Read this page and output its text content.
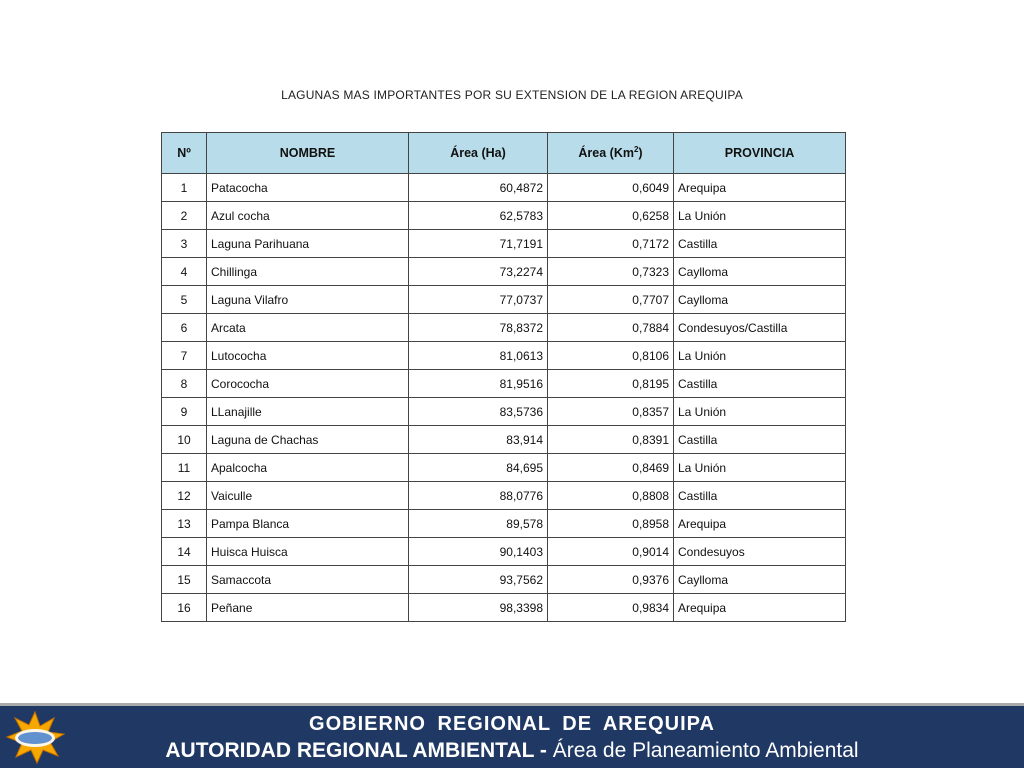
LAGUNAS MAS IMPORTANTES POR SU EXTENSION DE LA REGION AREQUIPA
Nº	NOMBRE	Área (Ha)	Área (Km$^2$)	PROVINCIA
1	Patacocha	60,4872	0,6049	Arequipa
2	Azul cocha	62,5783	0,6258	La Unión
3	Laguna Parihuana	71,7191	0,7172	Castilla
4	Chillinga	73,2274	0,7323	Caylloma
5	Laguna Vilafro	77,0737	0,7707	Caylloma
6	Arcata	78,8372	0,7884	Condesuyos/Castilla
7	Lutococha	81,0613	0,8106	La Unión
8	Corococha	81,9516	0,8195	Castilla
9	LLanajille	83,5736	0,8357	La Unión
10	Laguna de Chachas	83,914	0,8391	Castilla
11	Apalcocha	84,695	0,8469	La Unión
12	Vaiculle	88,0776	0,8808	Castilla
13	Pampa Blanca	89,578	0,8958	Arequipa
14	Huisca Huisca	90,1403	0,9014	Condesuyos
15	Samaccota	93,7562	0,9376	Caylloma
16	Peñane	98,3398	0,9834	Arequipa
GOBIERNO REGIONAL DE AREQUIPA
AUTORIDAD REGIONAL AMBIENTAL - Área de Planeamiento Ambiental
